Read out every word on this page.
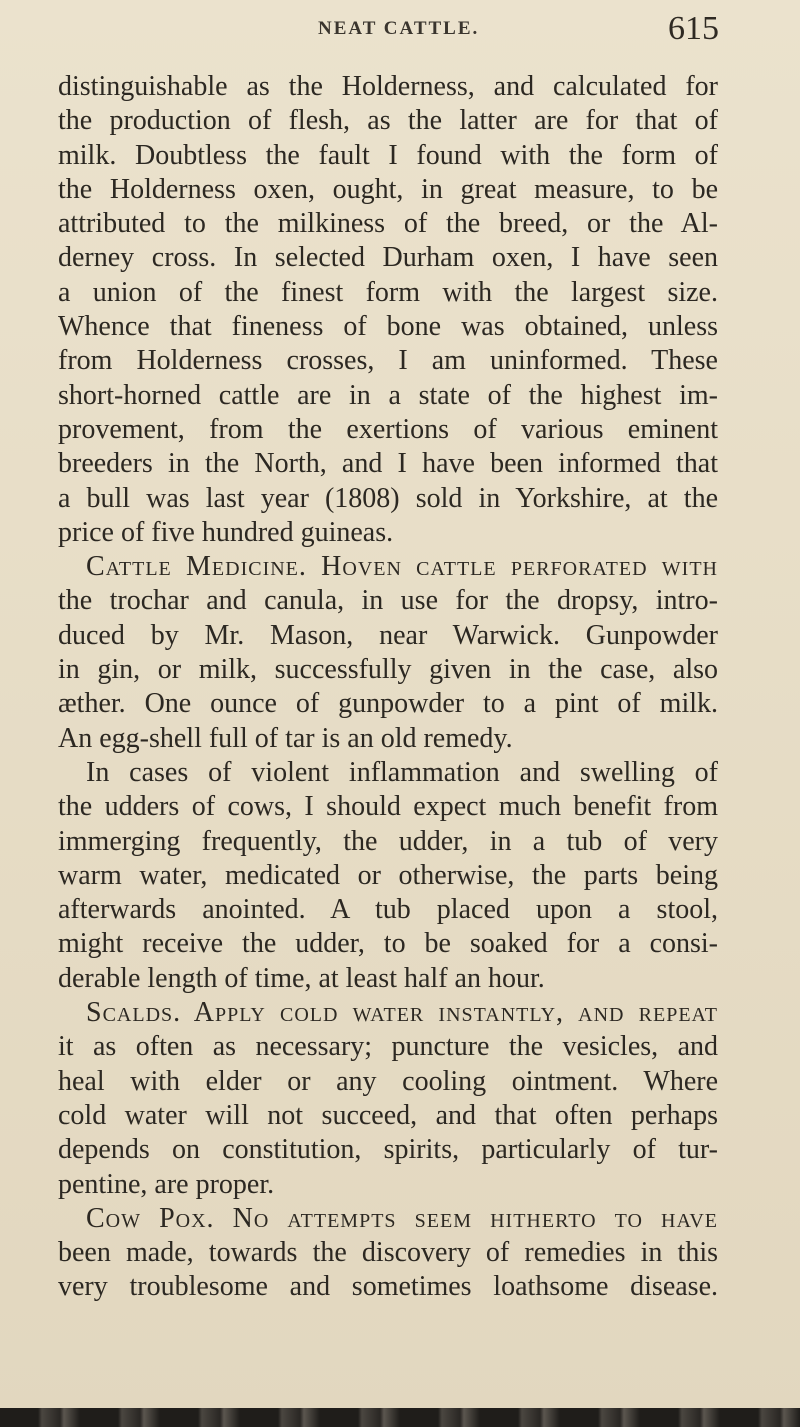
NEAT CATTLE.	615
distinguishable as the Holderness, and calculated for
the production of flesh, as the latter are for that of
milk. Doubtless the fault I found with the form of
the Holderness oxen, ought, in great measure, to be
attributed to the milkiness of the breed, or the Al-
derney cross. In selected Durham oxen, I have seen
a union of the finest form with the largest size.
Whence that fineness of bone was obtained, unless
from Holderness crosses, I am uninformed. These
short-horned cattle are in a state of the highest im-
provement, from the exertions of various eminent
breeders in the North, and I have been informed that
a bull was last year (1808) sold in Yorkshire, at the
price of five hundred guineas.
Cattle Medicine. Hoven cattle perforated with
the trochar and canula, in use for the dropsy, intro-
duced by Mr. Mason, near Warwick. Gunpowder
in gin, or milk, successfully given in the case, also
æther. One ounce of gunpowder to a pint of milk.
An egg-shell full of tar is an old remedy.
In cases of violent inflammation and swelling of
the udders of cows, I should expect much benefit from
immerging frequently, the udder, in a tub of very
warm water, medicated or otherwise, the parts being
afterwards anointed. A tub placed upon a stool,
might receive the udder, to be soaked for a consi-
derable length of time, at least half an hour.
Scalds. Apply cold water instantly, and repeat
it as often as necessary; puncture the vesicles, and
heal with elder or any cooling ointment. Where
cold water will not succeed, and that often perhaps
depends on constitution, spirits, particularly of tur-
pentine, are proper.
Cow Pox. No attempts seem hitherto to have
been made, towards the discovery of remedies in this
very troublesome and sometimes loathsome disease.
